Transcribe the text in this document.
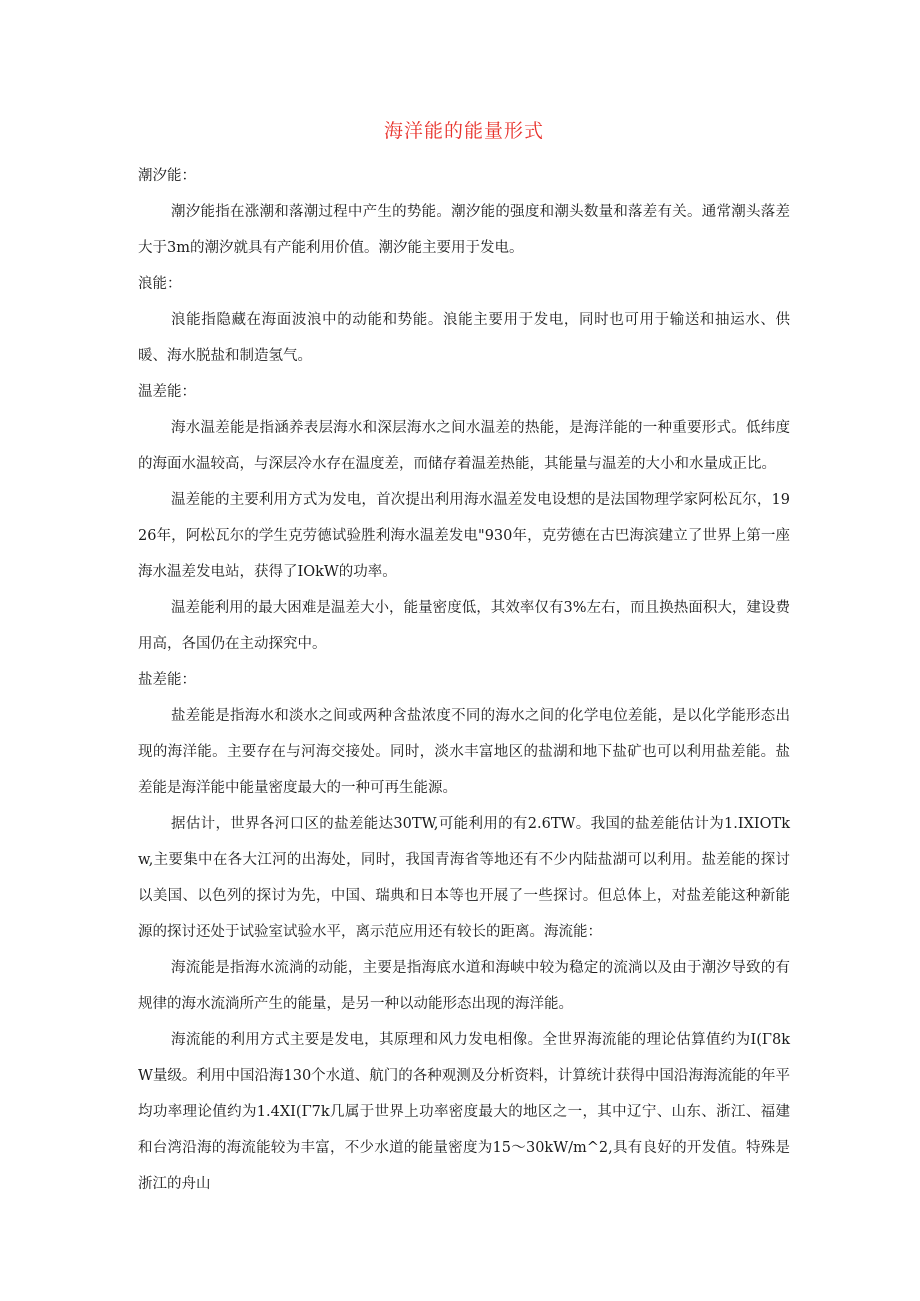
海洋能的能量形式
潮汐能：
潮汐能指在涨潮和落潮过程中产生的势能。潮汐能的强度和潮头数量和落差有关。通常潮头落差大于3m的潮汐就具有产能利用价值。潮汐能主要用于发电。
浪能：
浪能指隐藏在海面波浪中的动能和势能。浪能主要用于发电，同时也可用于输送和抽运水、供暖、海水脱盐和制造氢气。
温差能：
海水温差能是指涵养表层海水和深层海水之间水温差的热能，是海洋能的一种重要形式。低纬度的海面水温较高，与深层冷水存在温度差，而储存着温差热能，其能量与温差的大小和水量成正比。
温差能的主要利用方式为发电，首次提出利用海水温差发电设想的是法国物理学家阿松瓦尔，1926年，阿松瓦尔的学生克劳德试验胜利海水温差发电"930年，克劳德在古巴海滨建立了世界上第一座海水温差发电站，获得了IOkW的功率。
温差能利用的最大困难是温差大小，能量密度低，其效率仅有3%左右，而且换热面积大，建设费用高，各国仍在主动探究中。
盐差能：
盐差能是指海水和淡水之间或两种含盐浓度不同的海水之间的化学电位差能，是以化学能形态出现的海洋能。主要存在与河海交接处。同时，淡水丰富地区的盐湖和地下盐矿也可以利用盐差能。盐差能是海洋能中能量密度最大的一种可再生能源。
据估计，世界各河口区的盐差能达30TW,可能利用的有2.6TW。我国的盐差能估计为1.IXIOTkw,主要集中在各大江河的出海处，同时，我国青海省等地还有不少内陆盐湖可以利用。盐差能的探讨以美国、以色列的探讨为先，中国、瑞典和日本等也开展了一些探讨。但总体上，对盐差能这种新能源的探讨还处于试验室试验水平，离示范应用还有较长的距离。海流能：
海流能是指海水流淌的动能，主要是指海底水道和海峡中较为稳定的流淌以及由于潮汐导致的有规律的海水流淌所产生的能量，是另一种以动能形态出现的海洋能。
海流能的利用方式主要是发电，其原理和风力发电相像。全世界海流能的理论估算值约为I(Γ8kW量级。利用中国沿海130个水道、航门的各种观测及分析资料，计算统计获得中国沿海海流能的年平均功率理论值约为1.4XI(Γ7k几属于世界上功率密度最大的地区之一，其中辽宁、山东、浙江、福建和台湾沿海的海流能较为丰富，不少水道的能量密度为15〜30kW/m^2,具有良好的开发值。特殊是浙江的舟山
